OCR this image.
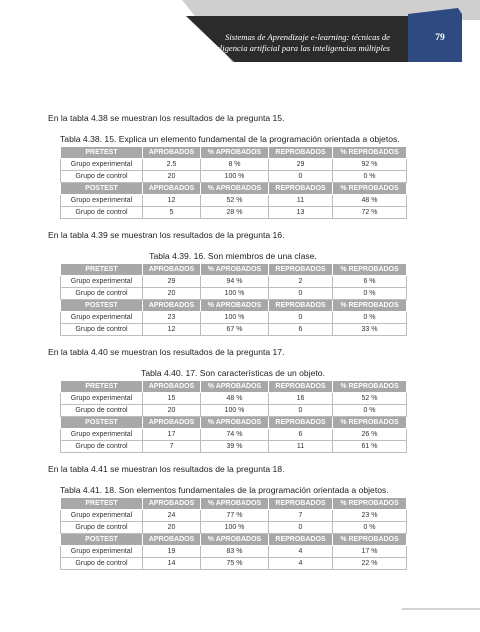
Sistemas de Aprendizaje e-learning: técnicas de
inteligencia artificial para las inteligencias múltiples
79

En la tabla 4.38 se muestran los resultados de la pregunta 15.

Tabla 4.38. 15. Explica un elemento fundamental de la programación orientada a objetos.
PRETEST	APROBADOS	% APROBADOS	REPROBADOS	% REPROBADOS
Grupo experimental	2.5	8 %	29	92 %
Grupo de control	20	100 %	0	0 %
POSTEST	APROBADOS	% APROBADOS	REPROBADOS	% REPROBADOS
Grupo experimental	12	52 %	11	48 %
Grupo de control	5	28 %	13	72 %

En la tabla 4.39 se muestran los resultados de la pregunta 16.

Tabla 4.39. 16. Son miembros de una clase.
PRETEST	APROBADOS	% APROBADOS	REPROBADOS	% REPROBADOS
Grupo experimental	29	94 %	2	6 %
Grupo de control	20	100 %	0	0 %
POSTEST	APROBADOS	% APROBADOS	REPROBADOS	% REPROBADOS
Grupo experimental	23	100 %	0	0 %
Grupo de control	12	67 %	6	33 %

En la tabla 4.40 se muestran los resultados de la pregunta 17.

Tabla 4.40. 17. Son características de un objeto.
PRETEST	APROBADOS	% APROBADOS	REPROBADOS	% REPROBADOS
Grupo experimental	15	48 %	16	52 %
Grupo de control	20	100 %	0	0 %
POSTEST	APROBADOS	% APROBADOS	REPROBADOS	% REPROBADOS
Grupo experimental	17	74 %	6	26 %
Grupo de control	7	39 %	11	61 %

En la tabla 4.41 se muestran los resultados de la pregunta 18.

Tabla 4.41. 18. Son elementos fundamentales de la programación orientada a objetos.
PRETEST	APROBADOS	% APROBADOS	REPROBADOS	% REPROBADOS
Grupo experimental	24	77 %	7	23 %
Grupo de control	20	100 %	0	0 %
POSTEST	APROBADOS	% APROBADOS	REPROBADOS	% REPROBADOS
Grupo experimental	19	83 %	4	17 %
Grupo de control	14	75 %	4	22 %
